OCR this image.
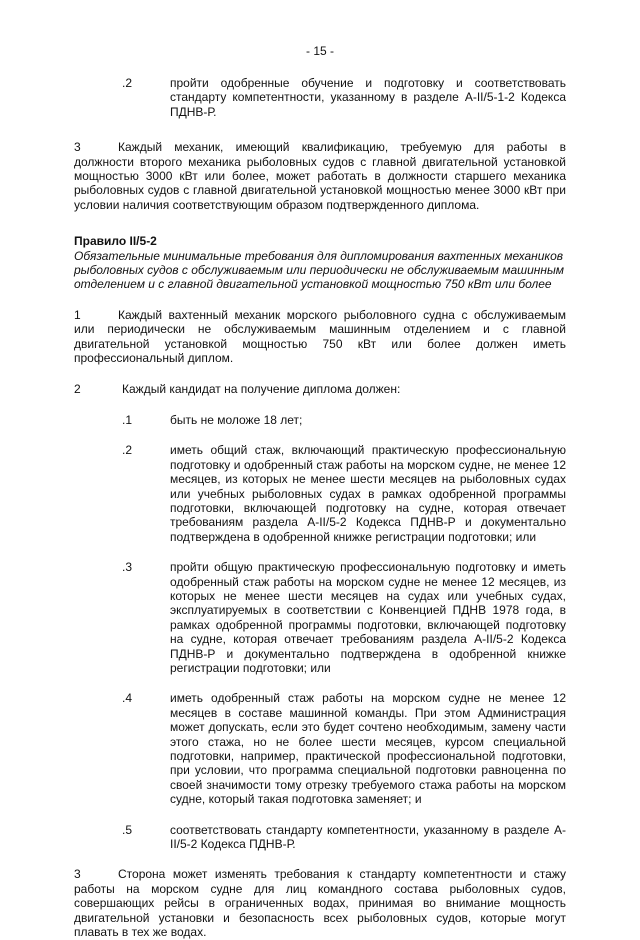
- 15 -
.2	пройти одобренные обучение и подготовку и соответствовать стандарту компетентности, указанному в разделе A-II/5-1-2 Кодекса ПДНВ-Р.

3	Каждый механик, имеющий квалификацию, требуемую для работы в должности второго механика рыболовных судов с главной двигательной установкой мощностью 3000 кВт или более, может работать в должности старшего механика рыболовных судов с главной двигательной установкой мощностью менее 3000 кВт при условии наличия соответствующим образом подтвержденного диплома.

Правило II/5-2

Обязательные минимальные требования для дипломирования вахтенных механиков рыболовных судов с обслуживаемым или периодически не обслуживаемым машинным отделением и с главной двигательной установкой мощностью 750 кВт или более

1	Каждый вахтенный механик морского рыболовного судна с обслуживаемым или периодически не обслуживаемым машинным отделением и с главной двигательной установкой мощностью 750 кВт или более должен иметь профессиональный диплом.

2	Каждый кандидат на получение диплома должен:
.1	быть не моложе 18 лет;
.2	иметь общий стаж, включающий практическую профессиональную подготовку и одобренный стаж работы на морском судне, не менее 12 месяцев, из которых не менее шести месяцев на рыболовных судах или учебных рыболовных судах в рамках одобренной программы подготовки, включающей подготовку на судне, которая отвечает требованиям раздела A-II/5-2 Кодекса ПДНВ-Р и документально подтверждена в одобренной книжке регистрации подготовки; или
.3	пройти общую практическую профессиональную подготовку и иметь одобренный стаж работы на морском судне не менее 12 месяцев, из которых не менее шести месяцев на судах или учебных судах, эксплуатируемых в соответствии с Конвенцией ПДНВ 1978 года, в рамках одобренной программы подготовки, включающей подготовку на судне, которая отвечает требованиям раздела A-II/5-2 Кодекса ПДНВ-Р и документально подтверждена в одобренной книжке регистрации подготовки; или
.4	иметь одобренный стаж работы на морском судне не менее 12 месяцев в составе машинной команды. При этом Администрация может допускать, если это будет сочтено необходимым, замену части этого стажа, но не более шести месяцев, курсом специальной подготовки, например, практической профессиональной подготовки, при условии, что программа специальной подготовки равноценна по своей значимости тому отрезку требуемого стажа работы на морском судне, который такая подготовка заменяет; и
.5	соответствовать стандарту компетентности, указанному в разделе A-II/5-2 Кодекса ПДНВ-Р.

3	Сторона может изменять требования к стандарту компетентности и стажу работы на морском судне для лиц командного состава рыболовных судов, совершающих рейсы в ограниченных водах, принимая во внимание мощность двигательной установки и безопасность всех рыболовных судов, которые могут плавать в тех же водах.
